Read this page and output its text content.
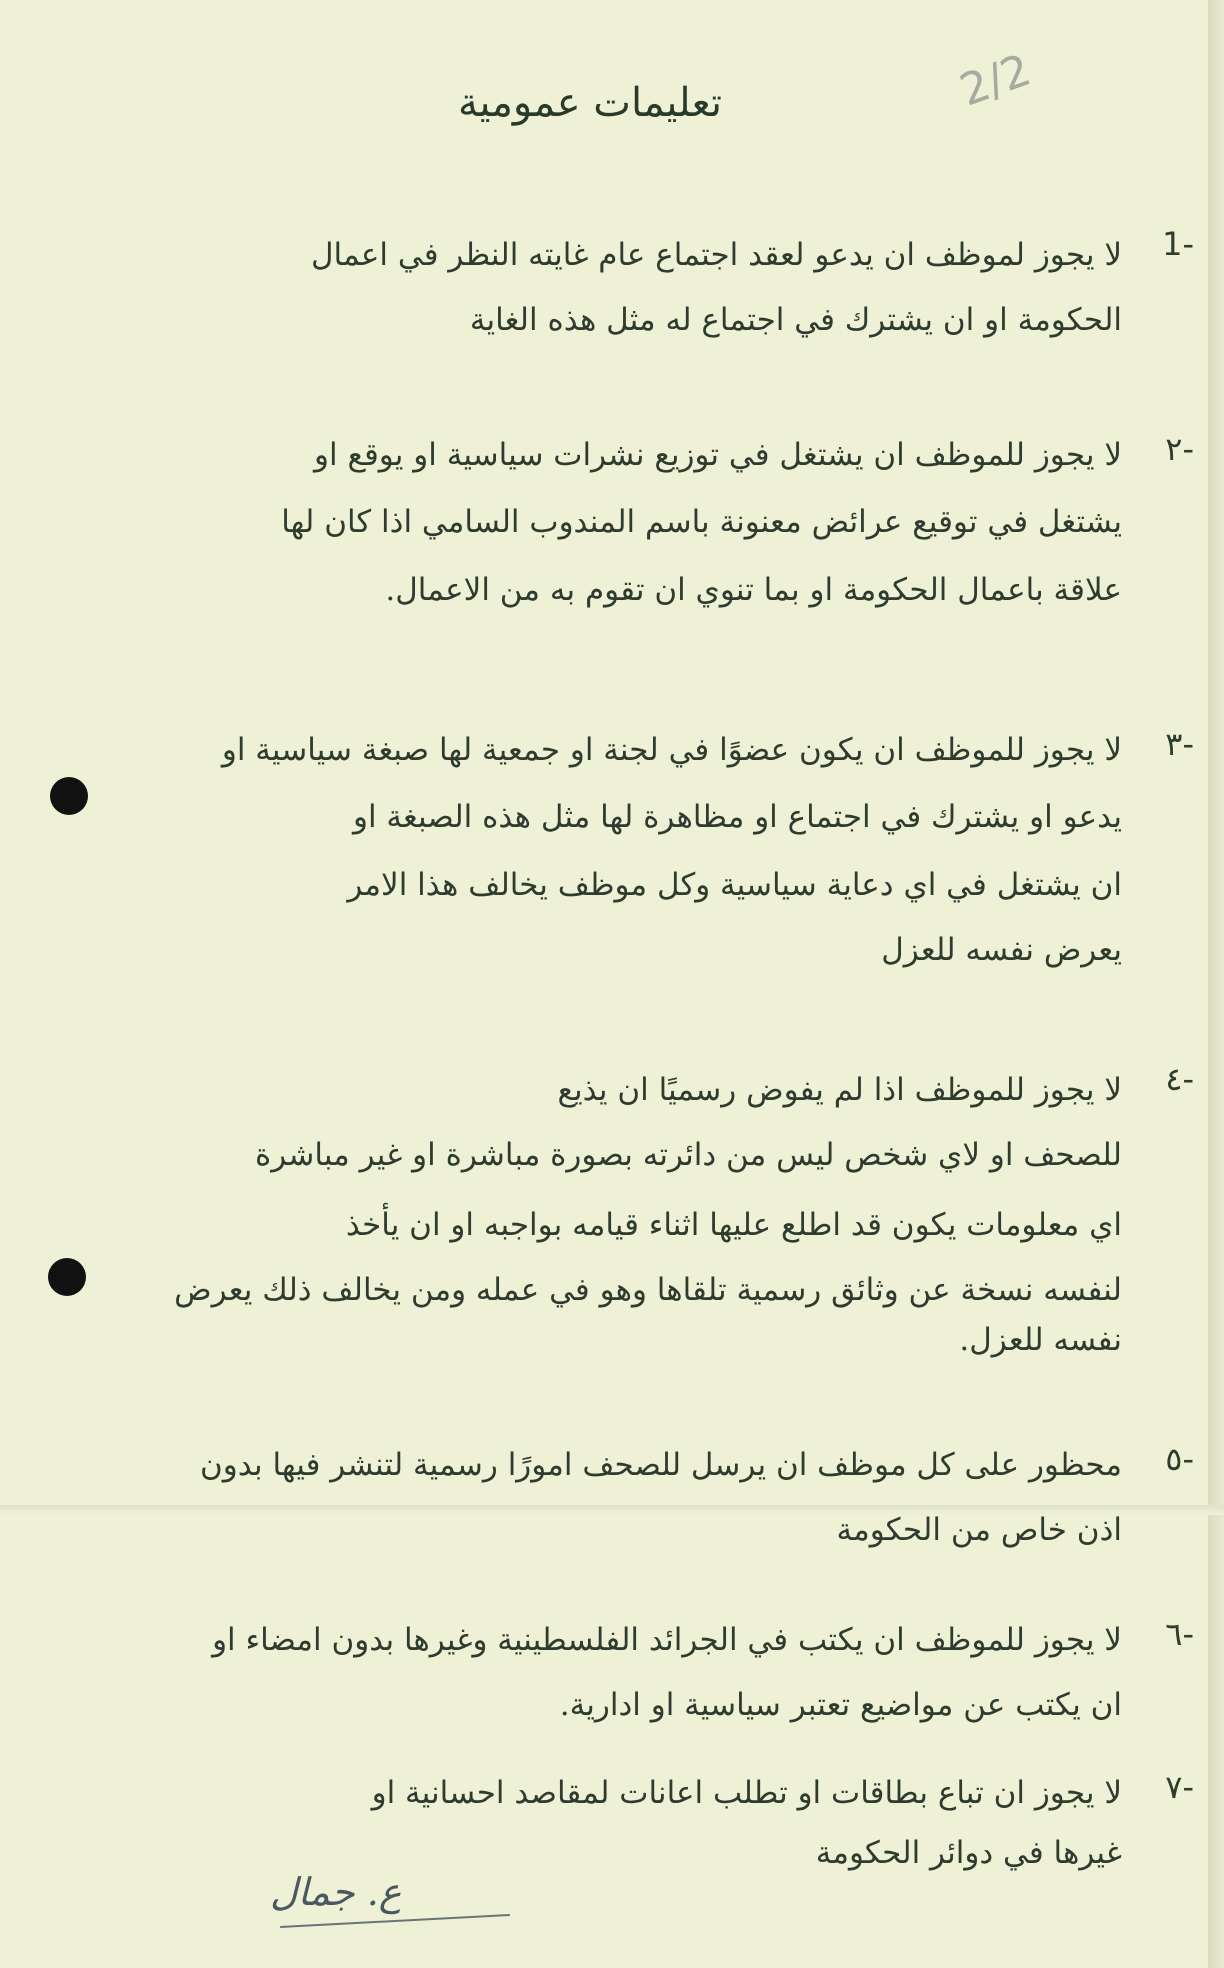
تعليمات عمومية	2/2
-1
لا يجوز لموظف ان يدعو لعقد اجتماع عام غايته النظر في اعمال
الحكومة او ان يشترك في اجتماع له مثل هذه الغاية
-٢
لا يجوز للموظف ان يشتغل في توزيع نشرات سياسية او يوقع او
يشتغل في توقيع عرائض معنونة باسم المندوب السامي اذا كان لها
علاقة باعمال الحكومة او بما تنوي ان تقوم به من الاعمال.
-٣
لا يجوز للموظف ان يكون عضوًا في لجنة او جمعية لها صبغة سياسية او
يدعو او يشترك في اجتماع او مظاهرة لها مثل هذه الصبغة او
ان يشتغل في اي دعاية سياسية وكل موظف يخالف هذا الامر
يعرض نفسه للعزل
-٤
لا يجوز للموظف اذا لم يفوض رسميًا ان يذيع
للصحف او لاي شخص ليس من دائرته بصورة مباشرة او غير مباشرة
اي معلومات يكون قد اطلع عليها اثناء قيامه بواجبه او ان يأخذ
لنفسه نسخة عن وثائق رسمية تلقاها وهو في عمله ومن يخالف ذلك يعرض
نفسه للعزل.
-٥
محظور على كل موظف ان يرسل للصحف امورًا رسمية لتنشر فيها بدون
اذن خاص من الحكومة
-٦
لا يجوز للموظف ان يكتب في الجرائد الفلسطينية وغيرها بدون امضاء او
ان يكتب عن مواضيع تعتبر سياسية او ادارية.
-٧
لا يجوز ان تباع بطاقات او تطلب اعانات لمقاصد احسانية او
غيرها في دوائر الحكومة
ع. جمال
